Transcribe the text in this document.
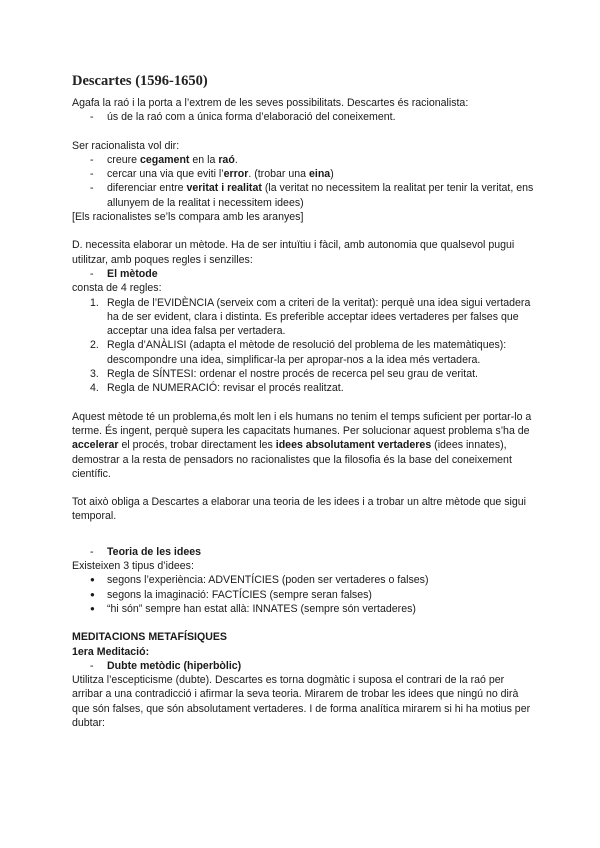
Descartes (1596-1650)

Agafa la raó i la porta a l’extrem de les seves possibilitats. Descartes és racionalista:

- ús de la raó com a única forma d’elaboració del coneixement.

Ser racionalista vol dir:

- creure cegament en la raó.

- cercar una via que eviti l’error. (trobar una eina)

- diferenciar entre veritat i realitat (la veritat no necessitem la realitat per tenir la veritat, ens allunyem de la realitat i necessitem idees)

[Els racionalistes se’ls compara amb les aranyes]

D. necessita elaborar un mètode. Ha de ser intuïtiu i fàcil, amb autonomia que qualsevol pugui utilitzar, amb poques regles i senzilles:

- El mètode

consta de 4 regles:

1. Regla de l’EVIDÈNCIA (serveix com a criteri de la veritat): perquè una idea sigui vertadera ha de ser evident, clara i distinta. Es preferible acceptar idees vertaderes per falses que acceptar una idea falsa per vertadera.
2. Regla d’ANÀLISI (adapta el mètode de resolució del problema de les matemàtiques): descompondre una idea, simplificar-la per apropar-nos a la idea més vertadera.
3. Regla de SÍNTESI: ordenar el nostre procés de recerca pel seu grau de veritat.
4. Regla de NUMERACIÓ: revisar el procés realitzat.

Aquest mètode té un problema,és molt len i els humans no tenim el temps suficient per portar-lo a terme. És ingent, perquè supera les capacitats humanes. Per solucionar aquest problema s’ha de accelerar el procés, trobar directament les idees absolutament vertaderes (idees innates), demostrar a la resta de pensadors no racionalistes que la filosofia és la base del coneixement científic.

Tot això obliga a Descartes a elaborar una teoria de les idees i a trobar un altre mètode que sigui temporal.

- Teoria de les idees

Existeixen 3 tipus d’idees:

● segons l’experiència: ADVENTÍCIES (poden ser vertaderes o falses)

● segons la imaginació: FACTÍCIES (sempre seran falses)

● “hi són” sempre han estat allà: INNATES (sempre són vertaderes)

MEDITACIONS METAFÍSIQUES

1era Meditació:

- Dubte metòdic (hiperbòlic)

Utilitza l’escepticisme (dubte). Descartes es torna dogmàtic i suposa el contrari de la raó per arribar a una contradicció i afirmar la seva teoria. Mirarem de trobar les idees que ningú no dirà que són falses, que són absolutament vertaderes. I de forma analítica mirarem si hi ha motius per dubtar:
